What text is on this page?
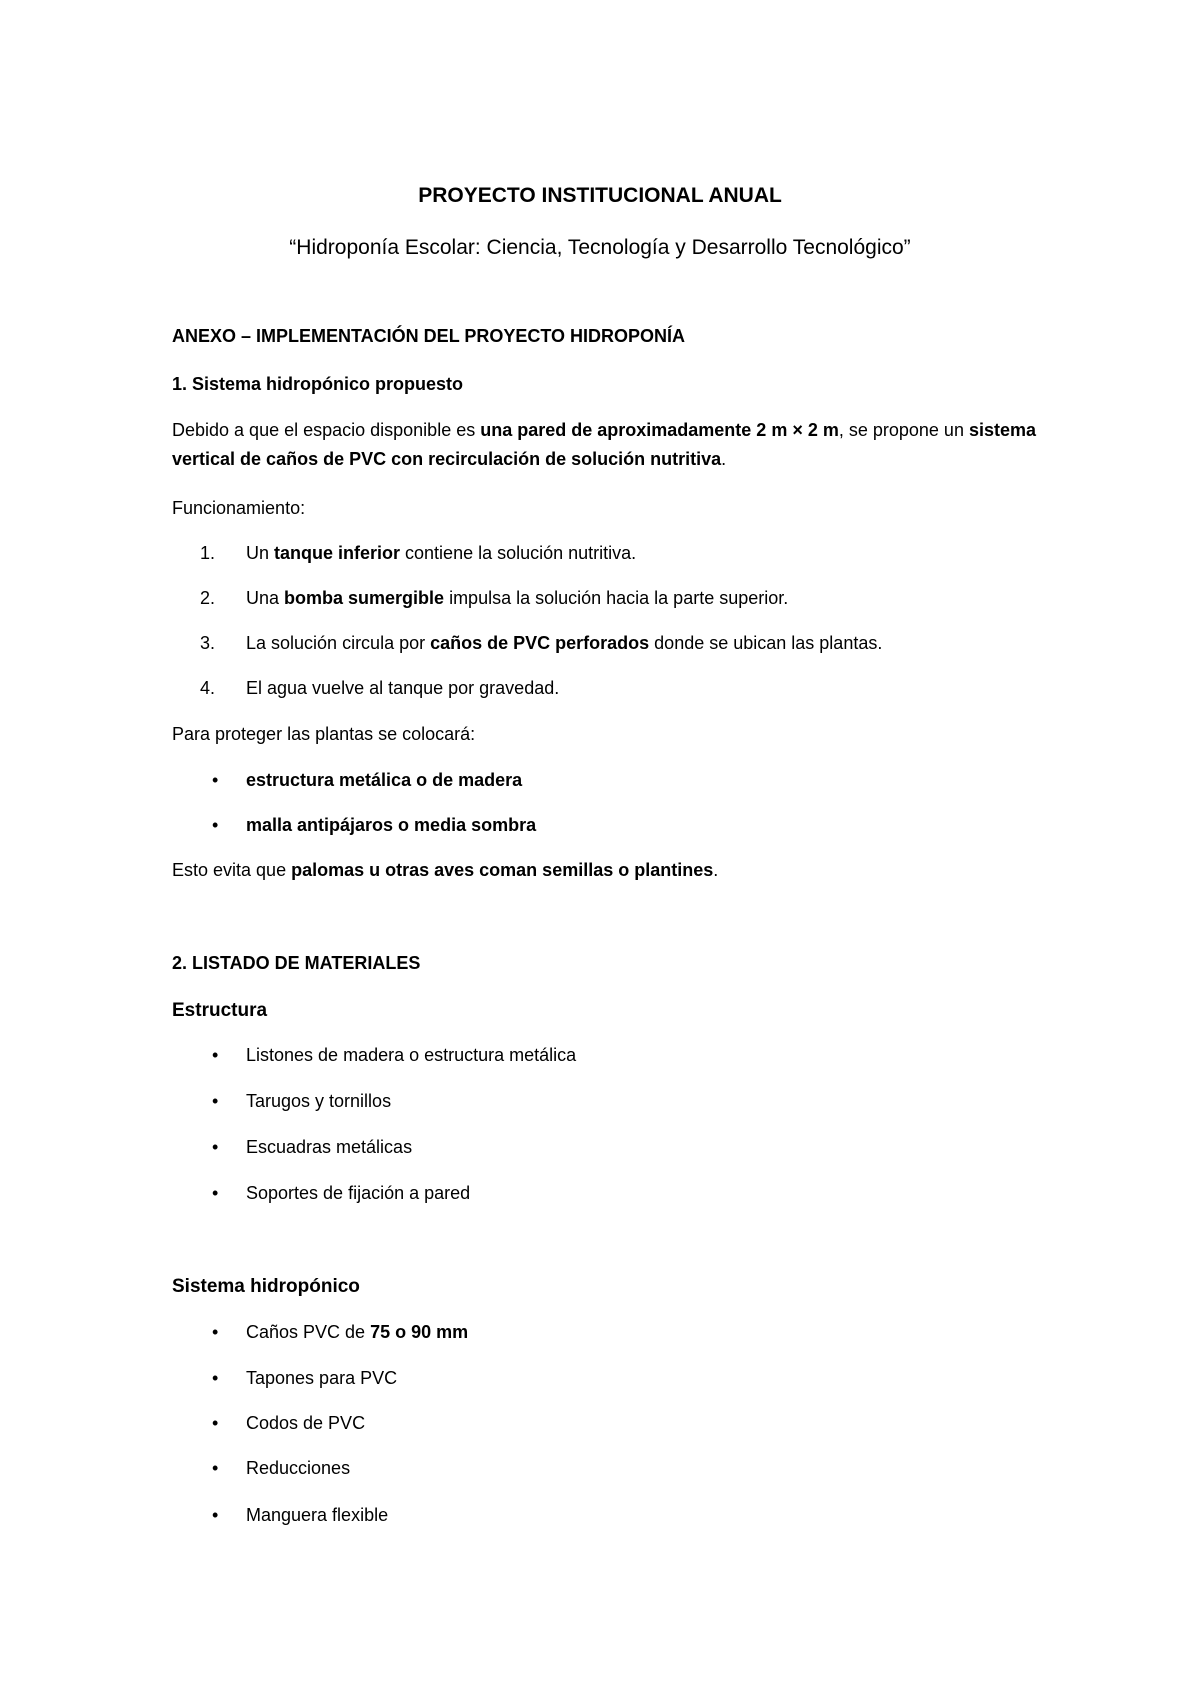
PROYECTO INSTITUCIONAL ANUAL

“Hidroponía Escolar: Ciencia, Tecnología y Desarrollo Tecnológico”

ANEXO – IMPLEMENTACIÓN DEL PROYECTO HIDROPONÍA

1. Sistema hidropónico propuesto

Debido a que el espacio disponible es una pared de aproximadamente 2 m × 2 m, se propone un sistema vertical de caños de PVC con recirculación de solución nutritiva.

Funcionamiento:

1. Un tanque inferior contiene la solución nutritiva.

2. Una bomba sumergible impulsa la solución hacia la parte superior.

3. La solución circula por caños de PVC perforados donde se ubican las plantas.

4. El agua vuelve al tanque por gravedad.

Para proteger las plantas se colocará:

• estructura metálica o de madera

• malla antipájaros o media sombra

Esto evita que palomas u otras aves coman semillas o plantines.

2. LISTADO DE MATERIALES

Estructura

• Listones de madera o estructura metálica

• Tarugos y tornillos

• Escuadras metálicas

• Soportes de fijación a pared

Sistema hidropónico

• Caños PVC de 75 o 90 mm

• Tapones para PVC

• Codos de PVC

• Reducciones

• Manguera flexible
